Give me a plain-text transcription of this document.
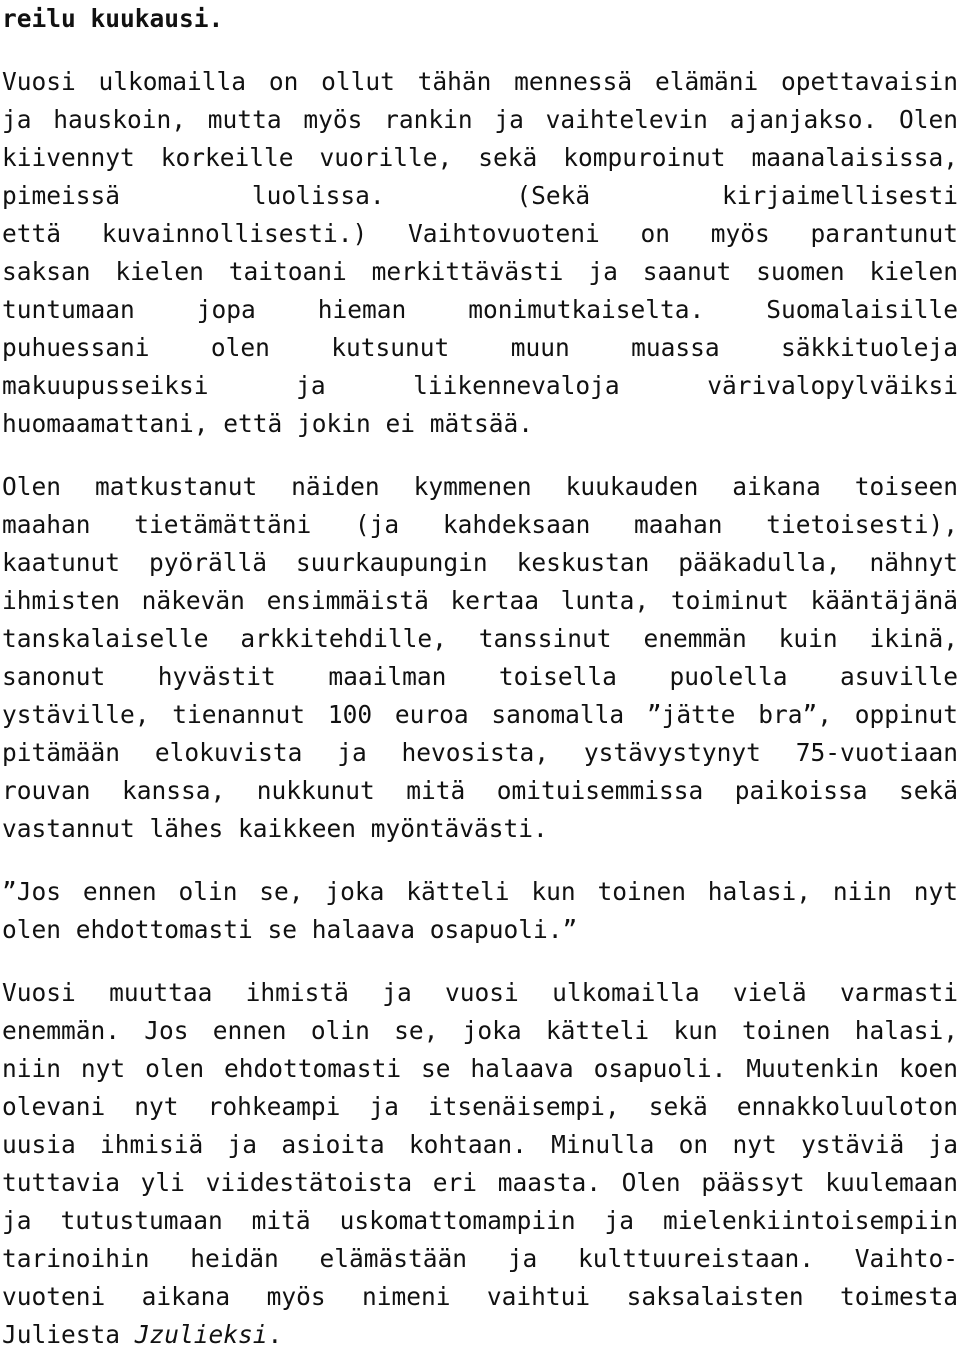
reilu kuukausi.
Vuosi ulkomailla on ollut tähän mennessä elämäni opettavaisin
ja hauskoin, mutta myös rankin ja vaihtelevin ajanjakso. Olen
kiivennyt korkeille vuorille, sekä kompuroinut maanalaisissa,
pimeissä luolissa. (Sekä kirjaimellisesti
että kuvainnollisesti.) Vaihtovuoteni on myös parantunut
saksan kielen taitoani merkittävästi ja saanut suomen kielen
tuntumaan jopa hieman monimutkaiselta. Suomalaisille
puhuessani olen kutsunut muun muassa säkkituoleja
makuupusseiksi ja liikennevaloja värivalopylväiksi
huomaamattani, että jokin ei mätsää.
Olen matkustanut näiden kymmenen kuukauden aikana toiseen
maahan tietämättäni (ja kahdeksaan maahan tietoisesti),
kaatunut pyörällä suurkaupungin keskustan pääkadulla, nähnyt
ihmisten näkevän ensimmäistä kertaa lunta, toiminut kääntäjänä
tanskalaiselle arkkitehdille, tanssinut enemmän kuin ikinä,
sanonut hyvästit maailman toisella puolella asuville
ystäville, tienannut 100 euroa sanomalla ”jätte bra”, oppinut
pitämään elokuvista ja hevosista, ystävystynyt 75-vuotiaan
rouvan kanssa, nukkunut mitä omituisemmissa paikoissa sekä
vastannut lähes kaikkeen myöntävästi.
”Jos ennen olin se, joka kätteli kun toinen halasi, niin nyt
olen ehdottomasti se halaava osapuoli.”
Vuosi muuttaa ihmistä ja vuosi ulkomailla vielä varmasti
enemmän. Jos ennen olin se, joka kätteli kun toinen halasi,
niin nyt olen ehdottomasti se halaava osapuoli. Muutenkin koen
olevani nyt rohkeampi ja itsenäisempi, sekä ennakkoluuloton
uusia ihmisiä ja asioita kohtaan. Minulla on nyt ystäviä ja
tuttavia yli viidestätoista eri maasta. Olen päässyt kuulemaan
ja tutustumaan mitä uskomattomampiin ja mielenkiintoisempiin
tarinoihin heidän elämästään ja kulttuureistaan. Vaihto-
vuoteni aikana myös nimeni vaihtui saksalaisten toimesta
Juliesta Jzulieksi.
